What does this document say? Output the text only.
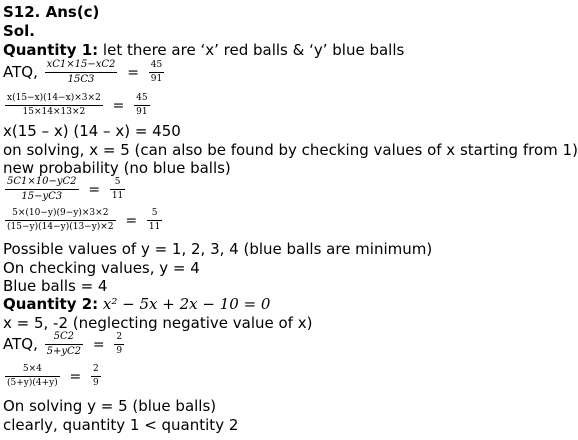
S12. Ans(c)
Sol.
Quantity 1: let there are ‘x’ red balls & ‘y’ blue balls
ATQ, $\frac{xC1\times 15-xC2}{15C3} = \frac{45}{91}$
$\frac{x(15-x)(14-x)\times 3\times 2}{15\times 14\times 13\times 2} = \frac{45}{91}$
x(15 – x) (14 – x) = 450
on solving, x = 5 (can also be found by checking values of x starting from 1)
new probability (no blue balls)
$\frac{5C1\times 10-yC2}{15-yC3} = \frac{5}{11}$
$\frac{5\times(10-y)(9-y)\times 3\times 2}{(15-y)(14-y)(13-y)\times 2} = \frac{5}{11}$
Possible values of y = 1, 2, 3, 4 (blue balls are minimum)
On checking values, y = 4
Blue balls = 4
Quantity 2: x² − 5x + 2x − 10 = 0
x = 5, -2 (neglecting negative value of x)
ATQ, $\frac{5C2}{5+yC2} = \frac{2}{9}$
$\frac{5\times 4}{(5+y)(4+y)} = \frac{2}{9}$
On solving y = 5 (blue balls)
clearly, quantity 1 < quantity 2
